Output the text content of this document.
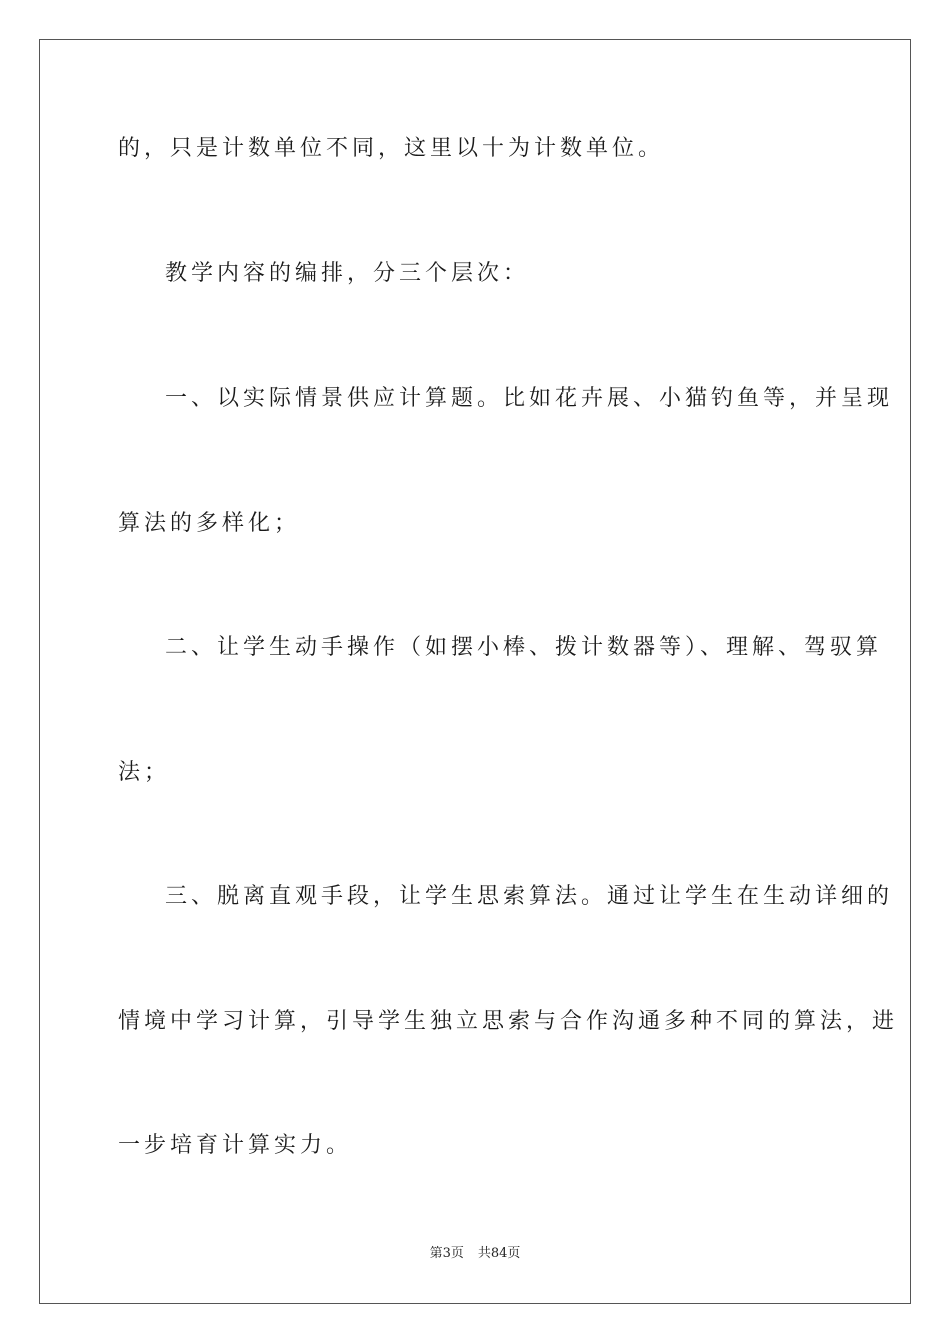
的，只是计数单位不同，这里以十为计数单位。
教学内容的编排，分三个层次：
一、以实际情景供应计算题。比如花卉展、小猫钓鱼等，并呈现
算法的多样化；
二、让学生动手操作（如摆小棒、拨计数器等）、理解、驾驭算
法；
三、脱离直观手段，让学生思索算法。通过让学生在生动详细的
情境中学习计算，引导学生独立思索与合作沟通多种不同的算法，进
一步培育计算实力。
第3页 共84页
